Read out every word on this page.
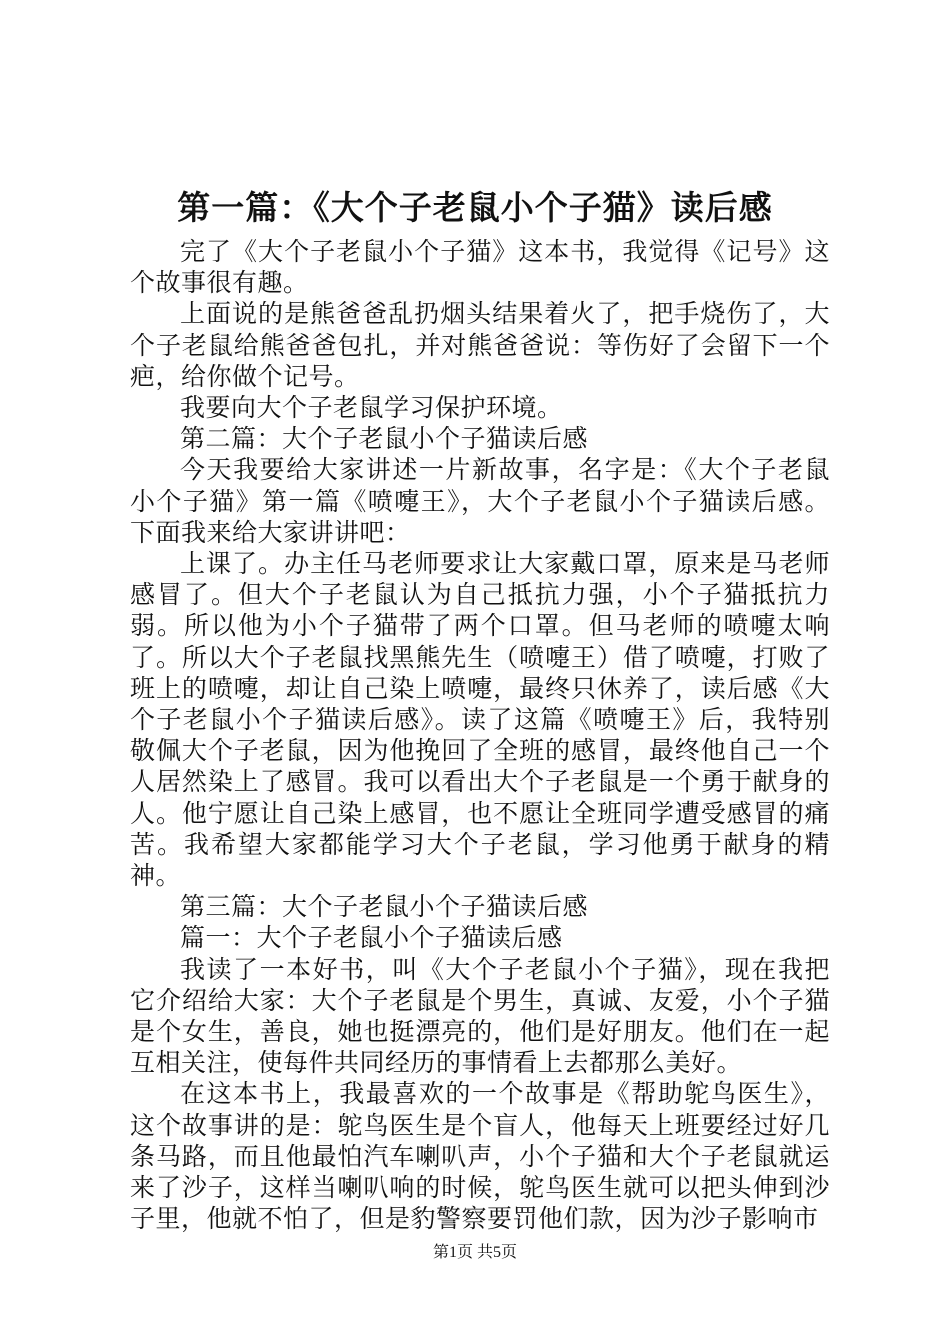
第一篇：《大个子老鼠小个子猫》读后感

完了《大个子老鼠小个子猫》这本书，我觉得《记号》这个故事很有趣。

上面说的是熊爸爸乱扔烟头结果着火了，把手烧伤了，大个子老鼠给熊爸爸包扎，并对熊爸爸说：等伤好了会留下一个疤，给你做个记号。

我要向大个子老鼠学习保护环境。

第二篇：大个子老鼠小个子猫读后感

今天我要给大家讲述一片新故事，名字是：《大个子老鼠小个子猫》第一篇《喷嚏王》，大个子老鼠小个子猫读后感。下面我来给大家讲讲吧：

上课了。办主任马老师要求让大家戴口罩，原来是马老师感冒了。但大个子老鼠认为自己抵抗力强，小个子猫抵抗力弱。所以他为小个子猫带了两个口罩。但马老师的喷嚏太响了。所以大个子老鼠找黑熊先生（喷嚏王）借了喷嚏，打败了班上的喷嚏，却让自己染上喷嚏，最终只休养了，读后感《大个子老鼠小个子猫读后感》。读了这篇《喷嚏王》后，我特别敬佩大个子老鼠，因为他挽回了全班的感冒，最终他自己一个人居然染上了感冒。我可以看出大个子老鼠是一个勇于献身的人。他宁愿让自己染上感冒，也不愿让全班同学遭受感冒的痛苦。我希望大家都能学习大个子老鼠，学习他勇于献身的精神。

第三篇：大个子老鼠小个子猫读后感

篇一：大个子老鼠小个子猫读后感

我读了一本好书，叫《大个子老鼠小个子猫》，现在我把它介绍给大家：大个子老鼠是个男生，真诚、友爱，小个子猫是个女生，善良，她也挺漂亮的，他们是好朋友。他们在一起互相关注，使每件共同经历的事情看上去都那么美好。

在这本书上，我最喜欢的一个故事是《帮助鸵鸟医生》，这个故事讲的是：鸵鸟医生是个盲人，他每天上班要经过好几条马路，而且他最怕汽车喇叭声，小个子猫和大个子老鼠就运来了沙子，这样当喇叭响的时候，鸵鸟医生就可以把头伸到沙子里，他就不怕了，但是豹警察要罚他们款，因为沙子影响市

第1页 共5页
